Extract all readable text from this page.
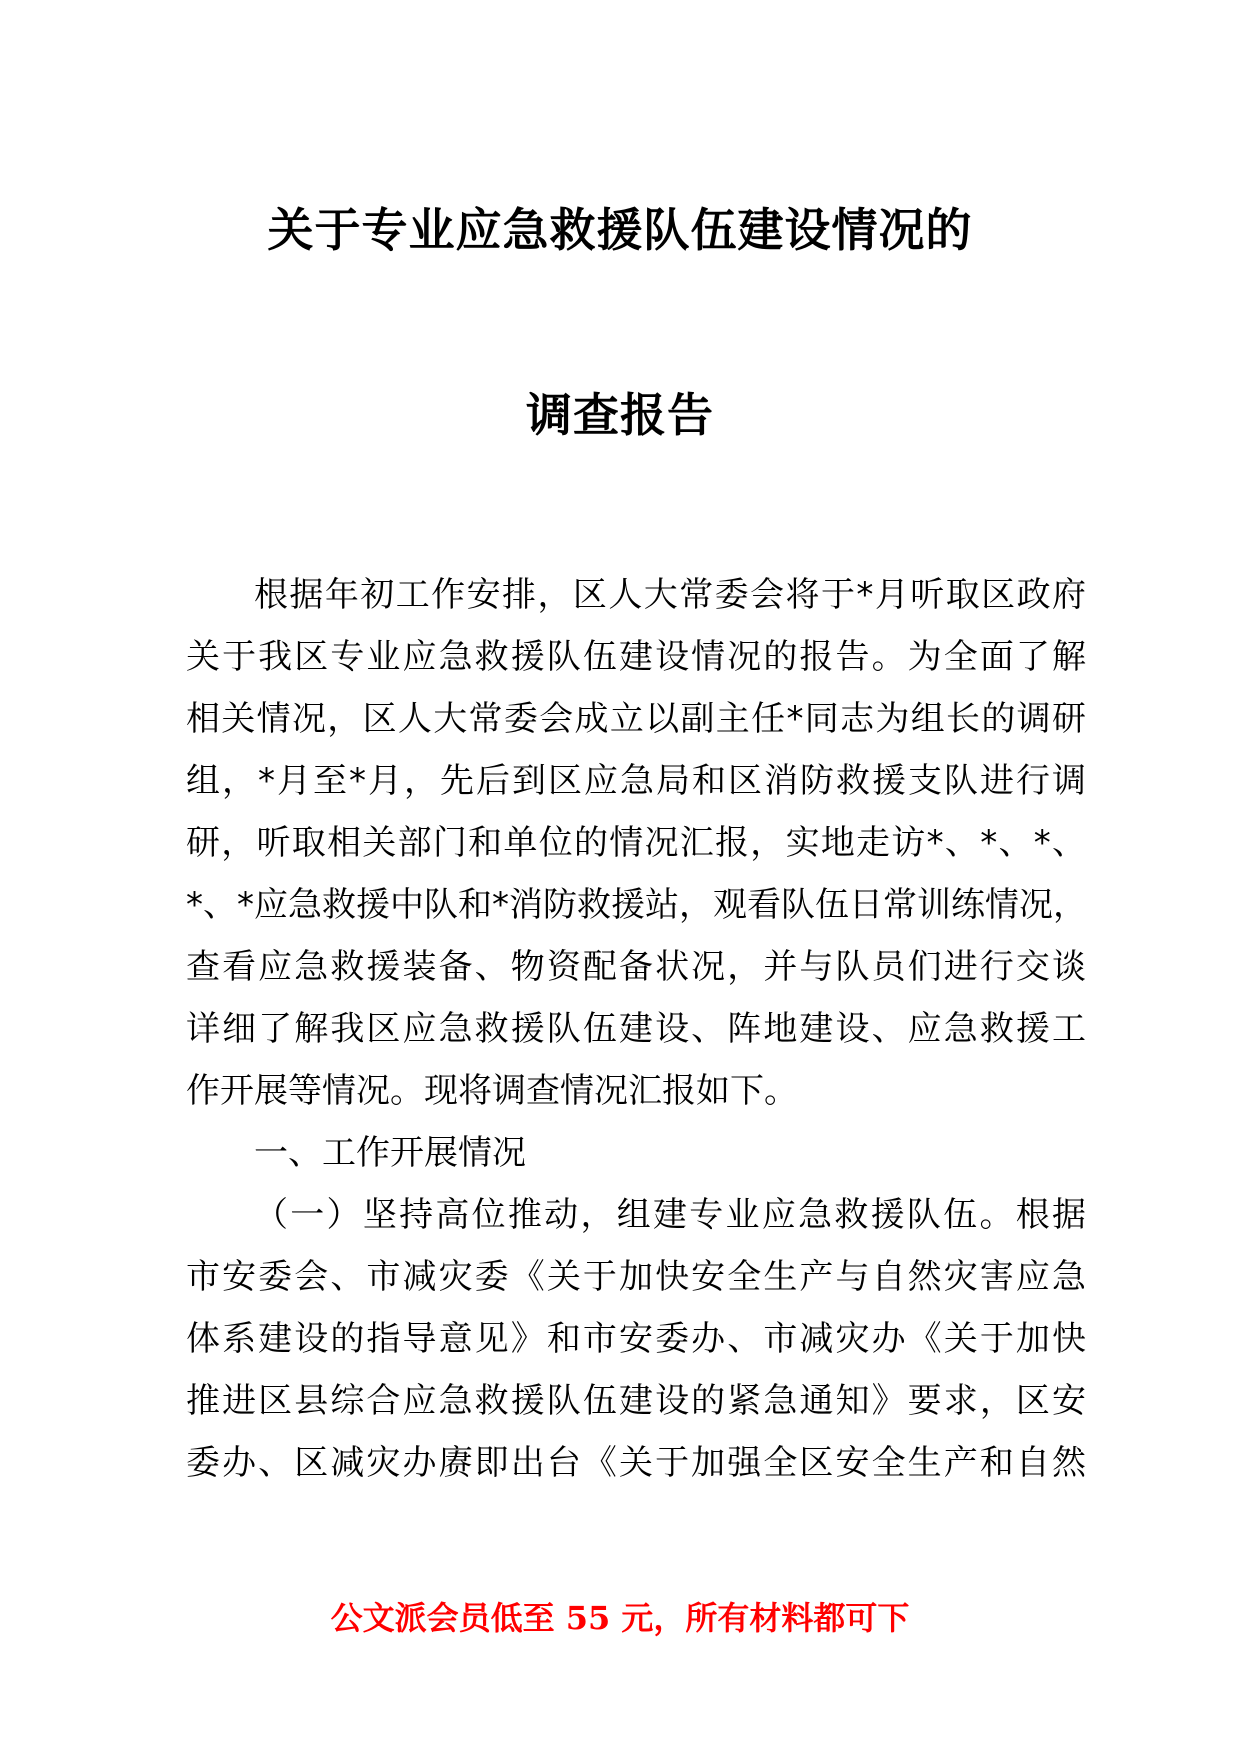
关于专业应急救援队伍建设情况的
调查报告
根据年初工作安排，区人大常委会将于*月听取区政府
关于我区专业应急救援队伍建设情况的报告。为全面了解
相关情况，区人大常委会成立以副主任*同志为组长的调研
组，*月至*月，先后到区应急局和区消防救援支队进行调
研，听取相关部门和单位的情况汇报，实地走访*、*、*、
*、*应急救援中队和*消防救援站，观看队伍日常训练情况，
查看应急救援装备、物资配备状况，并与队员们进行交谈
详细了解我区应急救援队伍建设、阵地建设、应急救援工
作开展等情况。现将调查情况汇报如下。
一、工作开展情况
（一）坚持高位推动，组建专业应急救援队伍。根据
市安委会、市减灾委《关于加快安全生产与自然灾害应急
体系建设的指导意见》和市安委办、市减灾办《关于加快
推进区县综合应急救援队伍建设的紧急通知》要求，区安
委办、区减灾办赓即出台《关于加强全区安全生产和自然
公文派会员低至 55 元，所有材料都可下
